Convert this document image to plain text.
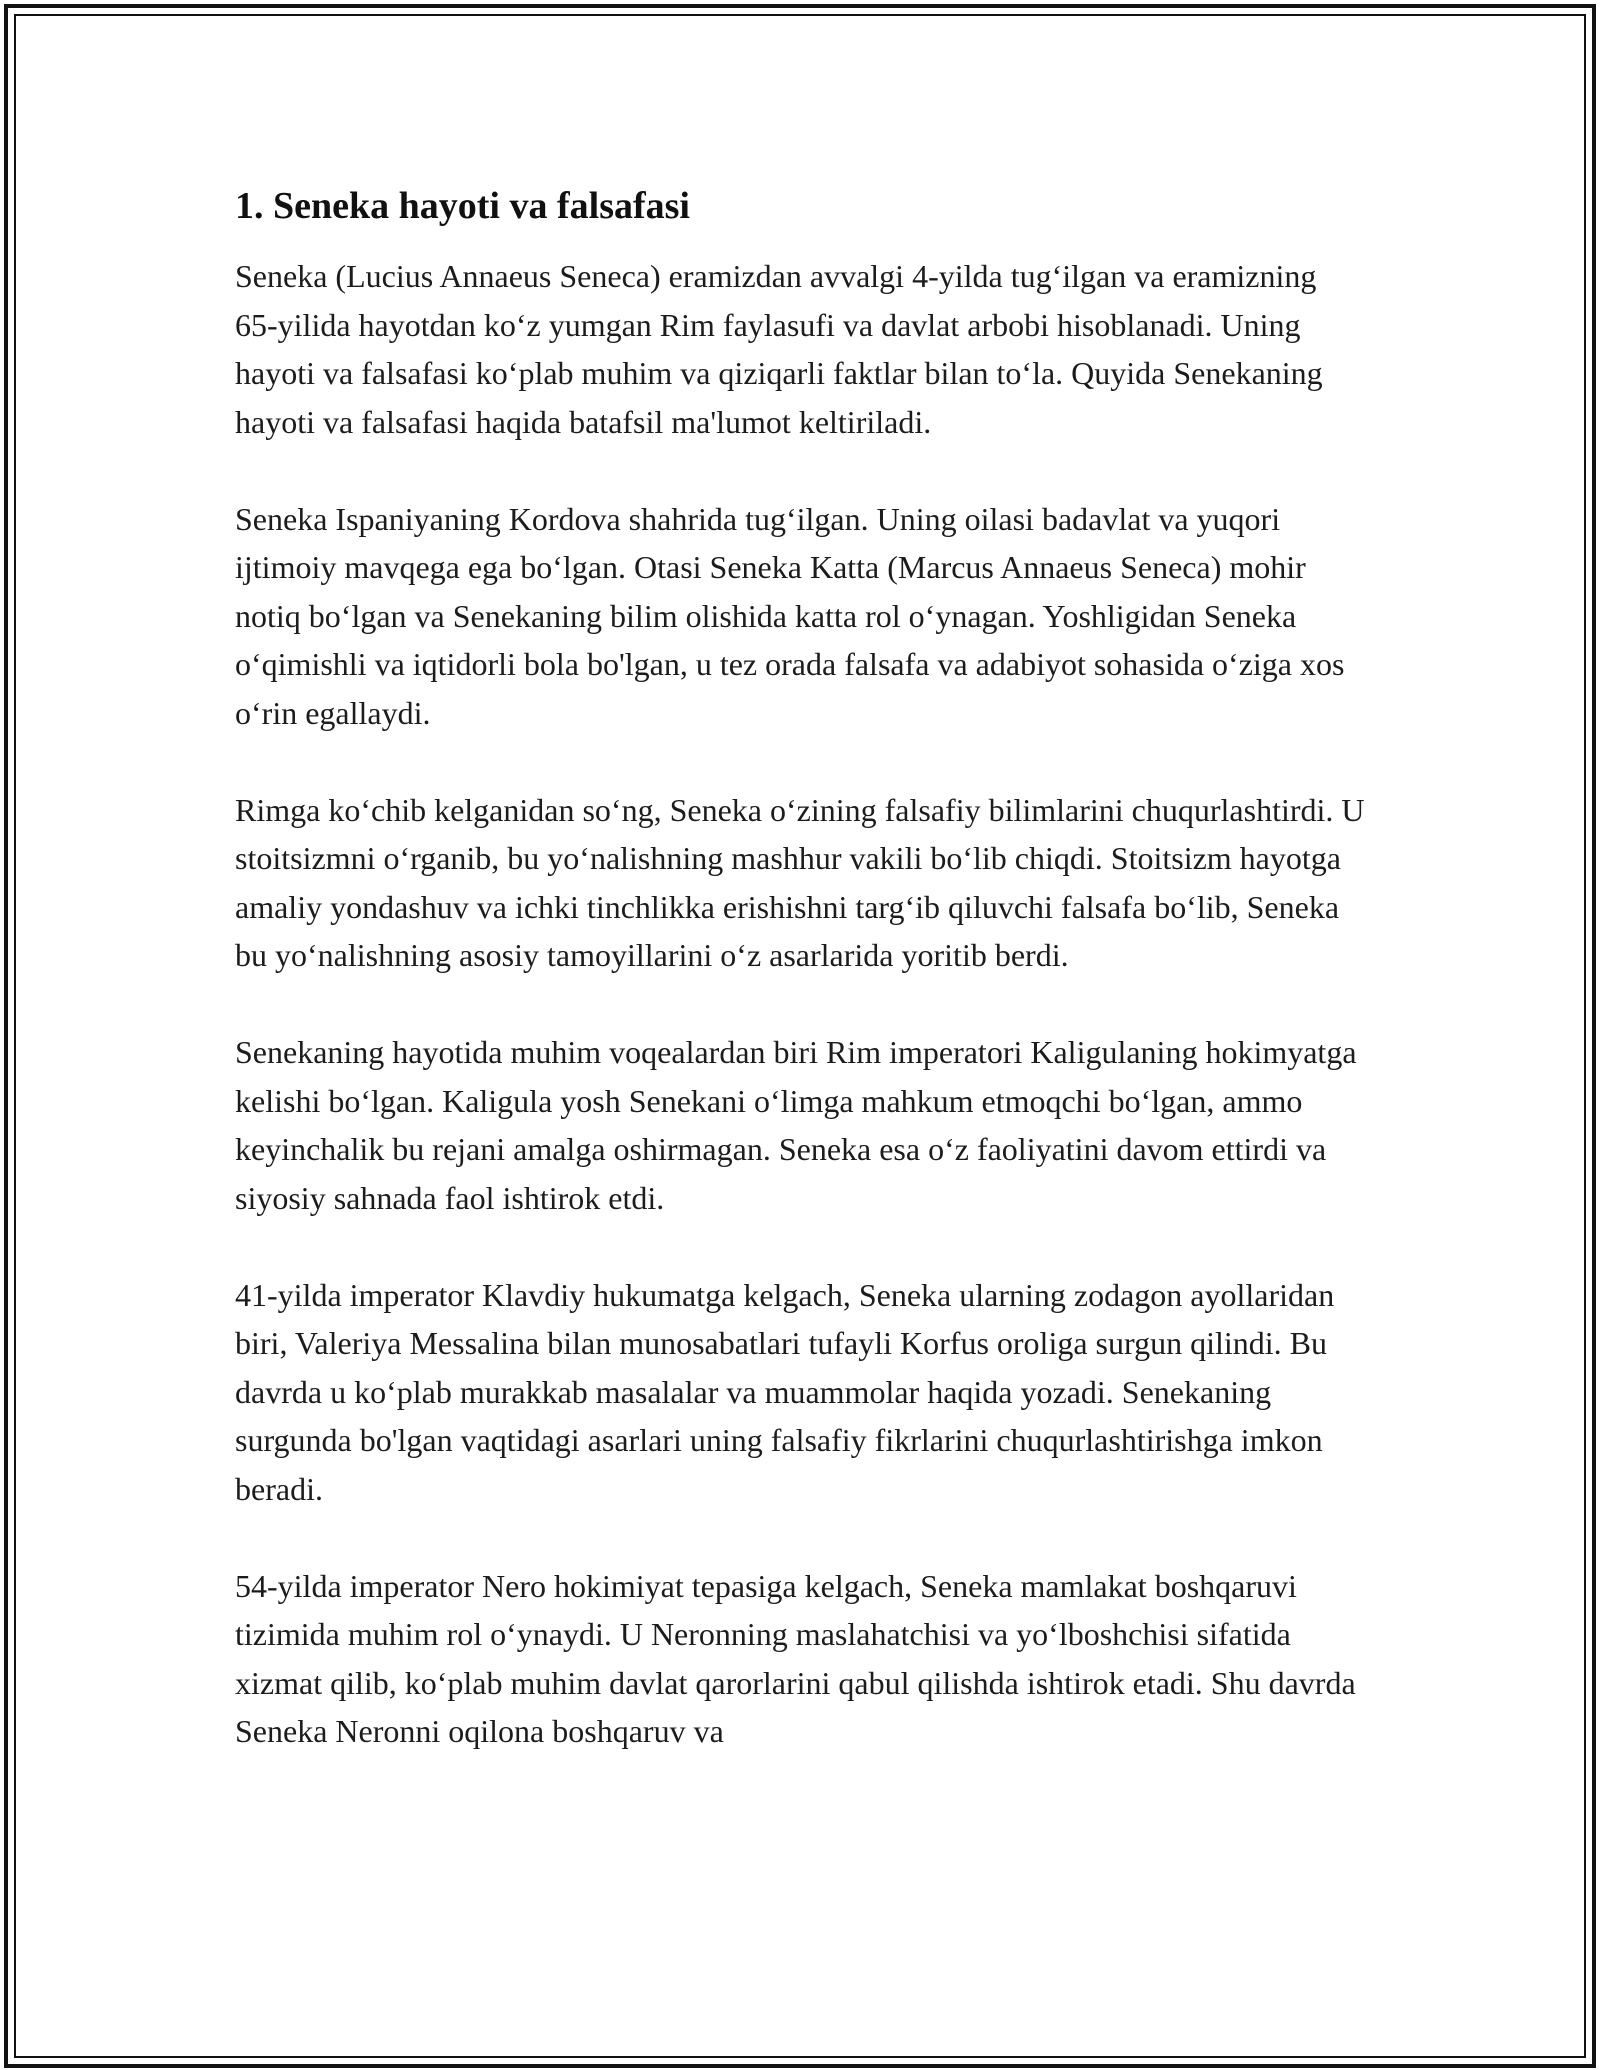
1. Seneka hayoti va falsafasi

Seneka (Lucius Annaeus Seneca) eramizdan avvalgi 4-yilda tug‘ilgan va eramizning 65-yilida hayotdan ko‘z yumgan Rim faylasufi va davlat arbobi hisoblanadi. Uning hayoti va falsafasi ko‘plab muhim va qiziqarli faktlar bilan to‘la. Quyida Senekaning hayoti va falsafasi haqida batafsil ma'lumot keltiriladi.

Seneka Ispaniyaning Kordova shahrida tug‘ilgan. Uning oilasi badavlat va yuqori ijtimoiy mavqega ega bo‘lgan. Otasi Seneka Katta (Marcus Annaeus Seneca) mohir notiq bo‘lgan va Senekaning bilim olishida katta rol o‘ynagan. Yoshligidan Seneka o‘qimishli va iqtidorli bola bo'lgan, u tez orada falsafa va adabiyot sohasida o‘ziga xos o‘rin egallaydi.

Rimga ko‘chib kelganidan so‘ng, Seneka o‘zining falsafiy bilimlarini chuqurlashtirdi. U stoitsizmni o‘rganib, bu yo‘nalishning mashhur vakili bo‘lib chiqdi. Stoitsizm hayotga amaliy yondashuv va ichki tinchlikka erishishni targ‘ib qiluvchi falsafa bo‘lib, Seneka bu yo‘nalishning asosiy tamoyillarini o‘z asarlarida yoritib berdi.

Senekaning hayotida muhim voqealardan biri Rim imperatori Kaligulaning hokimyatga kelishi bo‘lgan. Kaligula yosh Senekani o‘limga mahkum etmoqchi bo‘lgan, ammo keyinchalik bu rejani amalga oshirmagan. Seneka esa o‘z faoliyatini davom ettirdi va siyosiy sahnada faol ishtirok etdi.

41-yilda imperator Klavdiy hukumatga kelgach, Seneka ularning zodagon ayollaridan biri, Valeriya Messalina bilan munosabatlari tufayli Korfus oroliga surgun qilindi. Bu davrda u ko‘plab murakkab masalalar va muammolar haqida yozadi. Senekaning surgunda bo'lgan vaqtidagi asarlari uning falsafiy fikrlarini chuqurlashtirishga imkon beradi.

54-yilda imperator Nero hokimiyat tepasiga kelgach, Seneka mamlakat boshqaruvi tizimida muhim rol o‘ynaydi. U Neronning maslahatchisi va yo‘lboshchisi sifatida xizmat qilib, ko‘plab muhim davlat qarorlarini qabul qilishda ishtirok etadi. Shu davrda Seneka Neronni oqilona boshqaruv va
